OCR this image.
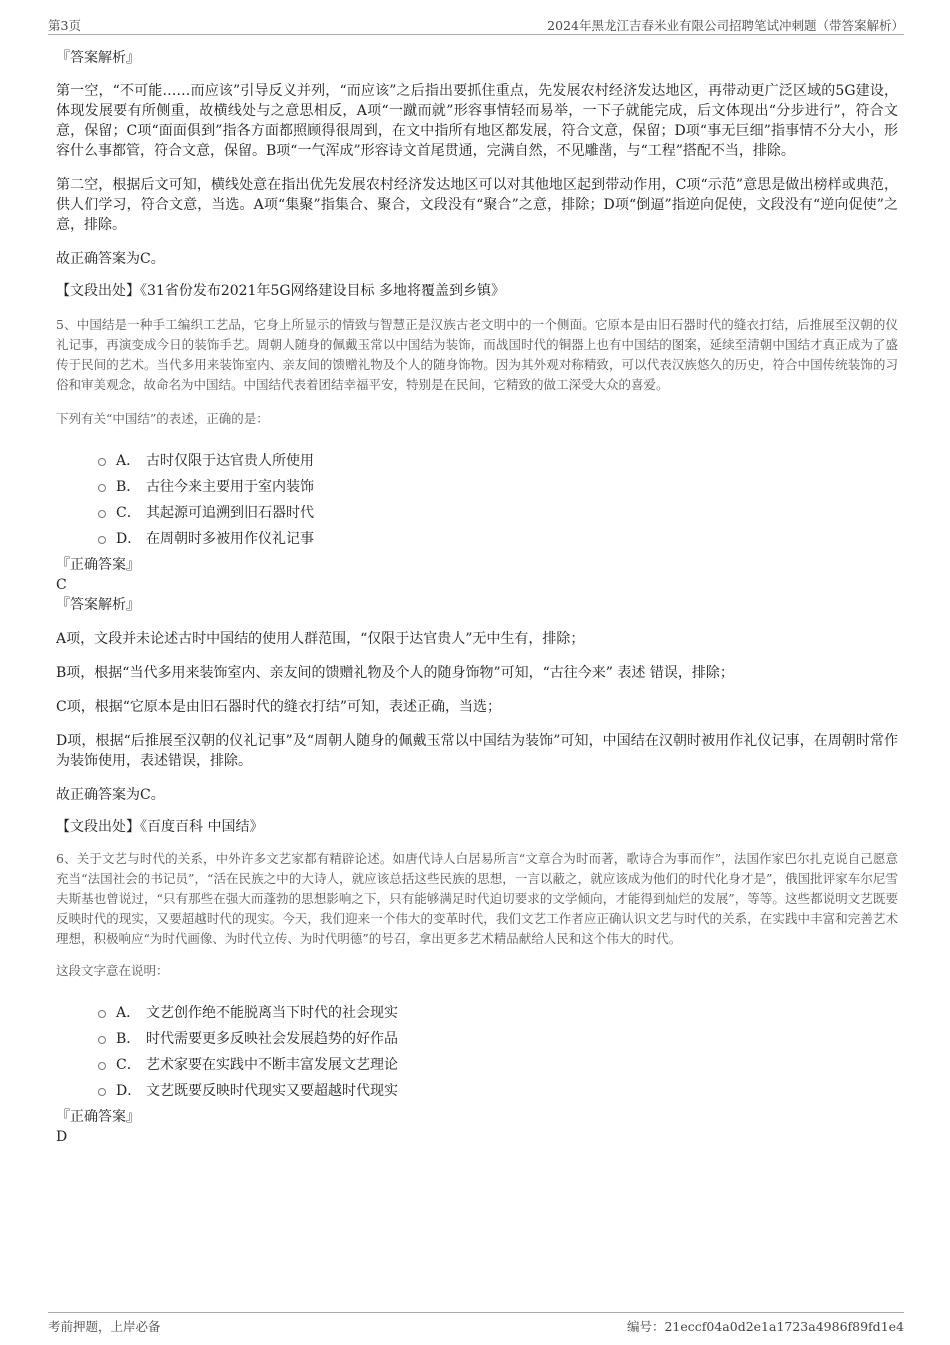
第3页	2024年黑龙江吉春米业有限公司招聘笔试冲刺题（带答案解析）

『答案解析』

第一空，“不可能……而应该”引导反义并列，“而应该”之后指出要抓住重点，先发展农村经济发达地区，再带动更广泛区域的5G建设，体现发展要有所侧重，故横线处与之意思相反，A项“一蹴而就”形容事情轻而易举，一下子就能完成，后文体现出“分步进行”，符合文意，保留；C项“面面俱到”指各方面都照顾得很周到，在文中指所有地区都发展，符合文意，保留；D项“事无巨细”指事情不分大小，形容什么事都管，符合文意，保留。B项“一气浑成”形容诗文首尾贯通，完满自然，不见雕凿，与“工程”搭配不当，排除。

第二空，根据后文可知，横线处意在指出优先发展农村经济发达地区可以对其他地区起到带动作用，C项“示范”意思是做出榜样或典范，供人们学习，符合文意，当选。A项“集聚”指集合、聚合，文段没有“聚合”之意，排除；D项“倒逼”指逆向促使，文段没有“逆向促使”之意，排除。

故正确答案为C。

【文段出处】《31省份发布2021年5G网络建设目标 多地将覆盖到乡镇》

5、中国结是一种手工编织工艺品，它身上所显示的情致与智慧正是汉族古老文明中的一个侧面。它原本是由旧石器时代的缝衣打结，后推展至汉朝的仪礼记事，再演变成今日的装饰手艺。周朝人随身的佩戴玉常以中国结为装饰，而战国时代的铜器上也有中国结的图案，延续至清朝中国结才真正成为了盛传于民间的艺术。当代多用来装饰室内、亲友间的馈赠礼物及个人的随身饰物。因为其外观对称精致，可以代表汉族悠久的历史，符合中国传统装饰的习俗和审美观念，故命名为中国结。中国结代表着团结幸福平安，特别是在民间，它精致的做工深受大众的喜爱。

下列有关“中国结”的表述，正确的是：

A． 古时仅限于达官贵人所使用
B． 古往今来主要用于室内装饰
C． 其起源可追溯到旧石器时代
D． 在周朝时多被用作仪礼记事

『正确答案』

C

『答案解析』

A项，文段并未论述古时中国结的使用人群范围，“仅限于达官贵人”无中生有，排除；

B项，根据“当代多用来装饰室内、亲友间的馈赠礼物及个人的随身饰物”可知，“古往今来” 表述 错误，排除；

C项，根据“它原本是由旧石器时代的缝衣打结”可知，表述正确，当选；

D项，根据“后推展至汉朝的仪礼记事”及“周朝人随身的佩戴玉常以中国结为装饰”可知，中国结在汉朝时被用作礼仪记事，在周朝时常作为装饰使用，表述错误，排除。

故正确答案为C。

【文段出处】《百度百科 中国结》

6、关于文艺与时代的关系，中外许多文艺家都有精辟论述。如唐代诗人白居易所言“文章合为时而著，歌诗合为事而作”，法国作家巴尔扎克说自己愿意充当“法国社会的书记员”，“活在民族之中的大诗人，就应该总括这些民族的思想，一言以蔽之，就应该成为他们的时代化身才是”，俄国批评家车尔尼雪夫斯基也曾说过，“只有那些在强大而蓬勃的思想影响之下，只有能够满足时代迫切要求的文学倾向，才能得到灿烂的发展”，等等。这些都说明文艺既要反映时代的现实，又要超越时代的现实。今天，我们迎来一个伟大的变革时代，我们文艺工作者应正确认识文艺与时代的关系，在实践中丰富和完善艺术理想，积极响应“为时代画像、为时代立传、为时代明德”的号召，拿出更多艺术精品献给人民和这个伟大的时代。

这段文字意在说明：

A． 文艺创作绝不能脱离当下时代的社会现实
B． 时代需要更多反映社会发展趋势的好作品
C． 艺术家要在实践中不断丰富发展文艺理论
D． 文艺既要反映时代现实又要超越时代现实

『正确答案』

D

考前押题，上岸必备	编号：21eccf04a0d2e1a1723a4986f89fd1e4
